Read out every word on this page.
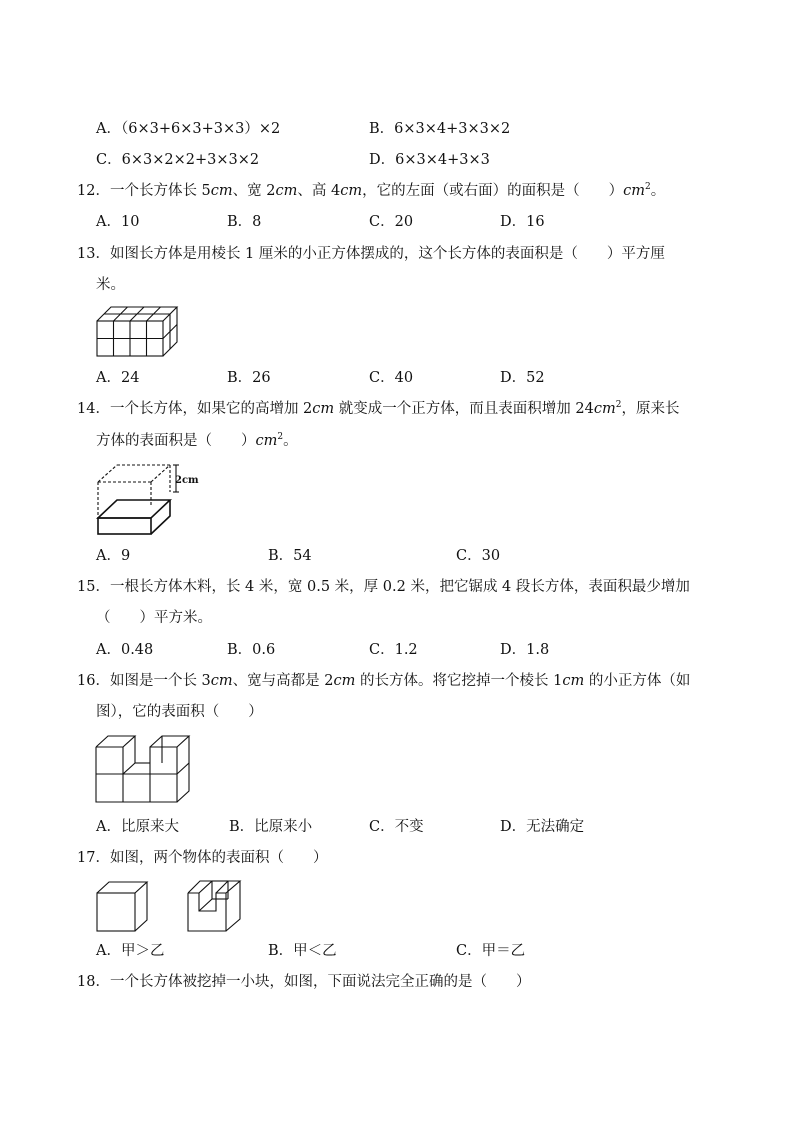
A．（6×3+6×3+3×3）×2	B．6×3×4+3×3×2
C．6×3×2×2+3×3×2	D．6×3×4+3×3
12．一个长方体长 5cm、宽 2cm、高 4cm，它的左面（或右面）的面积是（　　）$cm^2$。
A．10	B．8	C．20	D．16
13．如图长方体是用棱长 1 厘米的小正方体摆成的，这个长方体的表面积是（　　）平方厘
米。
A．24	B．26	C．40	D．52
14．一个长方体，如果它的高增加 2cm 就变成一个正方体，而且表面积增加 $24cm^2$，原来长
方体的表面积是（　　）$cm^2$。
2cm
A．9	B．54	C．30
15．一根长方体木料，长 4 米，宽 0.5 米，厚 0.2 米，把它锯成 4 段长方体，表面积最少增加
（　　）平方米。
A．0.48	B．0.6	C．1.2	D．1.8
16．如图是一个长 3cm、宽与高都是 2cm 的长方体。将它挖掉一个棱长 1cm 的小正方体（如
图），它的表面积（　　）
A．比原来大	B．比原来小	C．不变	D．无法确定
17．如图，两个物体的表面积（　　）
A．甲＞乙	B．甲＜乙	C．甲＝乙
18．一个长方体被挖掉一小块，如图，下面说法完全正确的是（　　）
